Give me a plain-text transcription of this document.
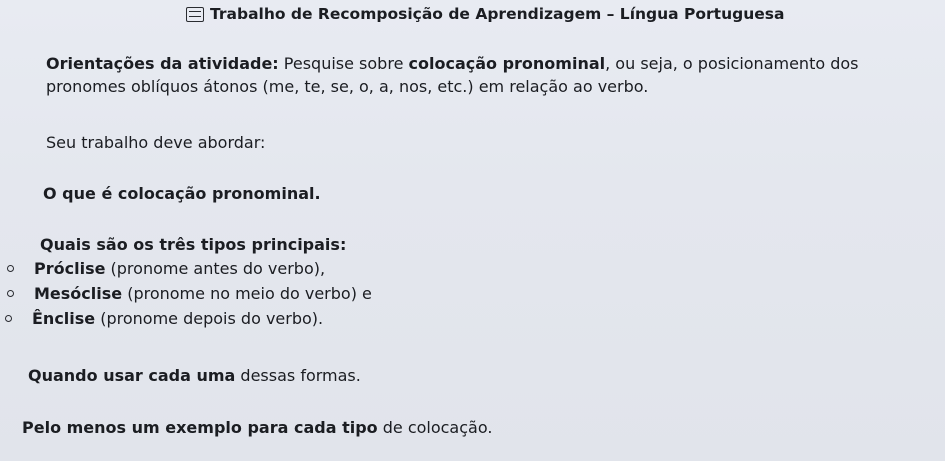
Trabalho de Recomposição de Aprendizagem – Língua Portuguesa
Orientações da atividade: Pesquise sobre colocação pronominal, ou seja, o posicionamento dos pronomes oblíquos átonos (me, te, se, o, a, nos, etc.) em relação ao verbo.
Seu trabalho deve abordar:
O que é colocação pronominal.
Quais são os três tipos principais:
Próclise (pronome antes do verbo),
Mesóclise (pronome no meio do verbo) e
Ênclise (pronome depois do verbo).
Quando usar cada uma dessas formas.
Pelo menos um exemplo para cada tipo de colocação.
